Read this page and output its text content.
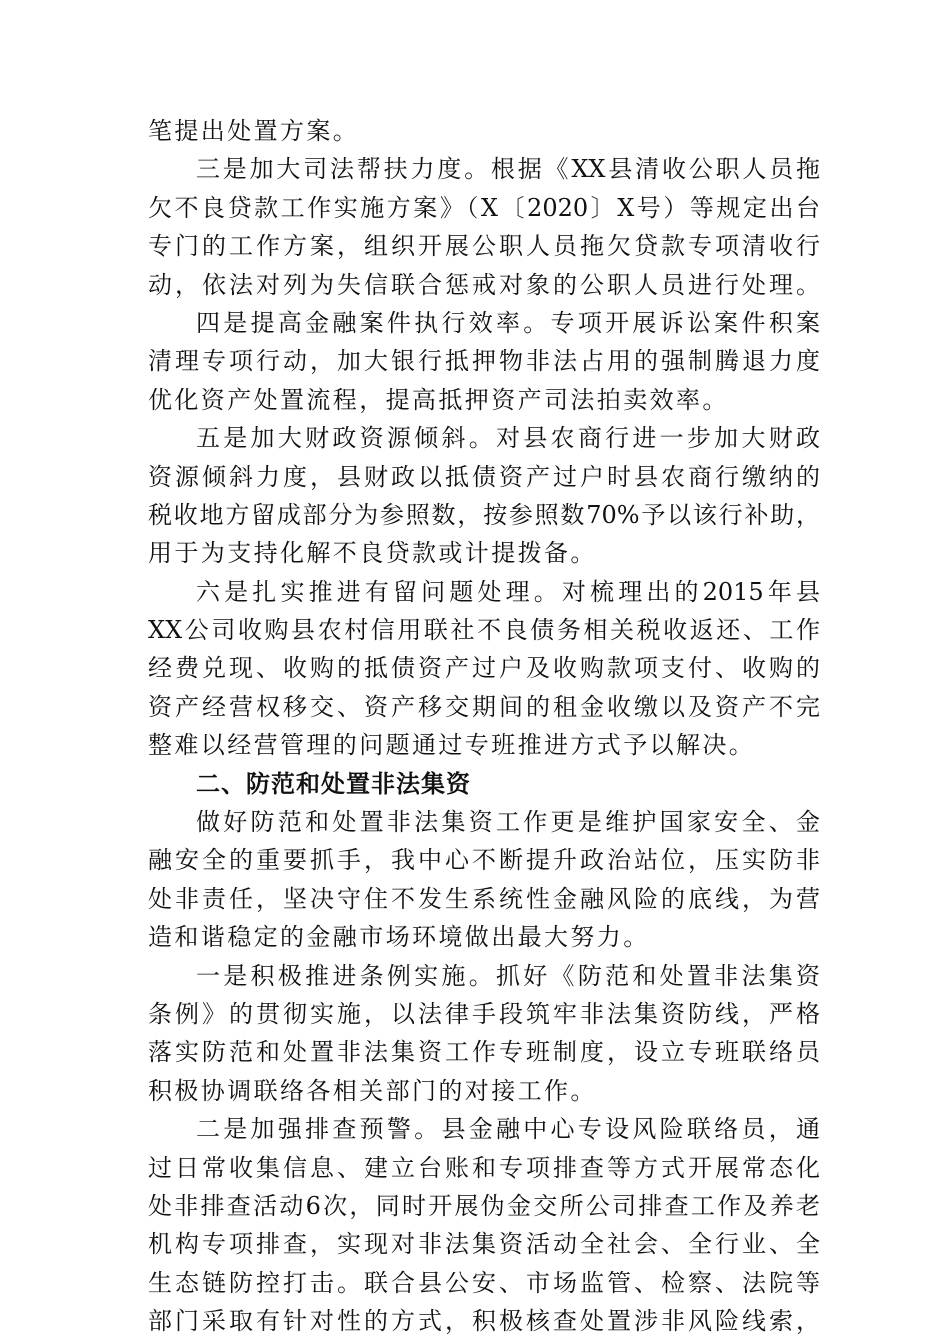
笔提出处置方案。
三是加大司法帮扶力度。根据《XX县清收公职人员拖
欠不良贷款工作实施方案》（X〔2020〕X号）等规定出台
专门的工作方案，组织开展公职人员拖欠贷款专项清收行
动，依法对列为失信联合惩戒对象的公职人员进行处理。
四是提高金融案件执行效率。专项开展诉讼案件积案
清理专项行动，加大银行抵押物非法占用的强制腾退力度
优化资产处置流程，提高抵押资产司法拍卖效率。
五是加大财政资源倾斜。对县农商行进一步加大财政
资源倾斜力度，县财政以抵债资产过户时县农商行缴纳的
税收地方留成部分为参照数，按参照数70%予以该行补助，
用于为支持化解不良贷款或计提拨备。
六是扎实推进有留问题处理。对梳理出的2015年县
XX公司收购县农村信用联社不良债务相关税收返还、工作
经费兑现、收购的抵债资产过户及收购款项支付、收购的
资产经营权移交、资产移交期间的租金收缴以及资产不完
整难以经营管理的问题通过专班推进方式予以解决。
二、防范和处置非法集资
做好防范和处置非法集资工作更是维护国家安全、金
融安全的重要抓手，我中心不断提升政治站位，压实防非
处非责任，坚决守住不发生系统性金融风险的底线，为营
造和谐稳定的金融市场环境做出最大努力。
一是积极推进条例实施。抓好《防范和处置非法集资
条例》的贯彻实施，以法律手段筑牢非法集资防线，严格
落实防范和处置非法集资工作专班制度，设立专班联络员
积极协调联络各相关部门的对接工作。
二是加强排查预警。县金融中心专设风险联络员，通
过日常收集信息、建立台账和专项排查等方式开展常态化
处非排查活动6次，同时开展伪金交所公司排查工作及养老
机构专项排查，实现对非法集资活动全社会、全行业、全
生态链防控打击。联合县公安、市场监管、检察、法院等
部门采取有针对性的方式，积极核查处置涉非风险线索，
